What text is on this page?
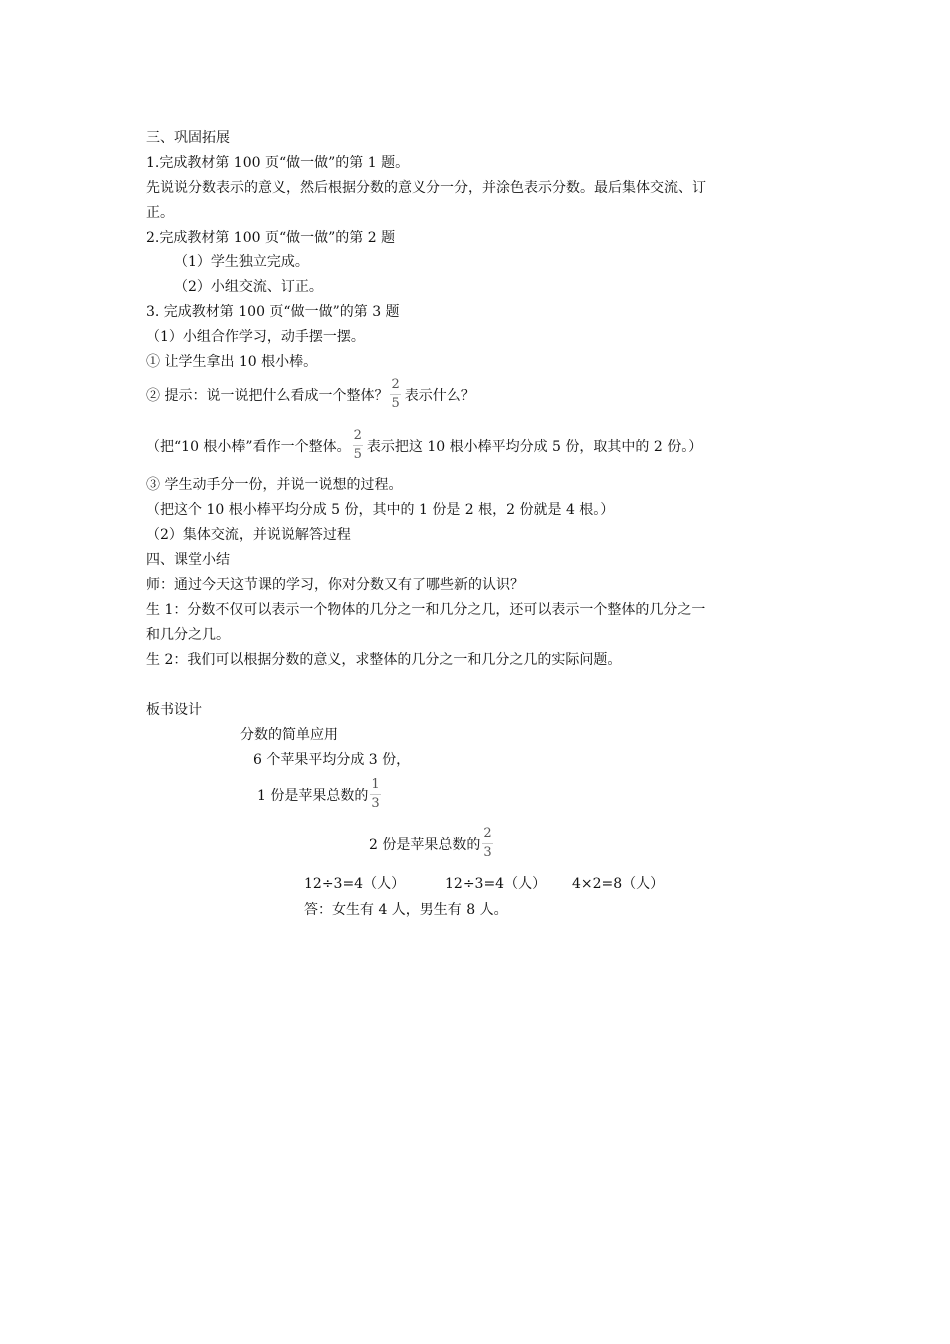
三、巩固拓展
1.完成教材第 100 页“做一做”的第 1 题。
先说说分数表示的意义，然后根据分数的意义分一分，并涂色表示分数。最后集体交流、订
正。
2.完成教材第 100 页“做一做”的第 2 题
（1）学生独立完成。
（2）小组交流、订正。
3. 完成教材第 100 页“做一做”的第 3 题
（1）小组合作学习，动手摆一摆。
① 让学生拿出 10 根小棒。
② 提示：说一说把什么看成一个整体？ $\frac{2}{5}$ 表示什么？
（把“10 根小棒”看作一个整体。 $\frac{2}{5}$ 表示把这 10 根小棒平均分成 5 份，取其中的 2 份。）
③ 学生动手分一份，并说一说想的过程。
（把这个 10 根小棒平均分成 5 份，其中的 1 份是 2 根，2 份就是 4 根。）
（2）集体交流，并说说解答过程
四、课堂小结
师：通过今天这节课的学习，你对分数又有了哪些新的认识？
生 1：分数不仅可以表示一个物体的几分之一和几分之几，还可以表示一个整体的几分之一
和几分之几。
生 2：我们可以根据分数的意义，求整体的几分之一和几分之几的实际问题。
板书设计
分数的简单应用
6 个苹果平均分成 3 份，
1 份是苹果总数的 $\frac{1}{3}$
2 份是苹果总数的 $\frac{2}{3}$
12÷3=4（人）	12÷3=4（人） 4×2=8（人）
答：女生有 4 人，男生有 8 人。
